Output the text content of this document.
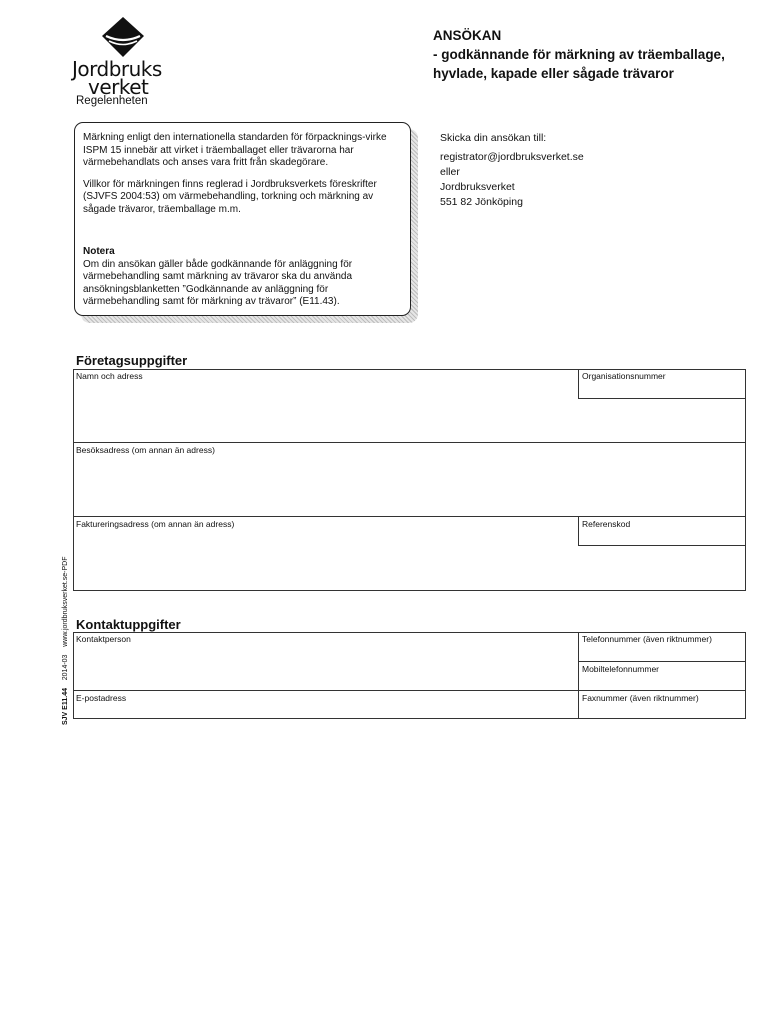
Jordbruks
verket
Regelenheten
ANSÖKAN
- godkännande för märkning av träemballage,
hyvlade, kapade eller sågade trävaror

Märkning enligt den internationella standarden för förpacknings-virke ISPM 15 innebär att virket i träemballaget eller trävarorna har värmebehandlats och anses vara fritt från skadegörare.

Villkor för märkningen finns reglerad i Jordbruksverkets föreskrifter (SJVFS 2004:53) om värmebehandling, torkning och märkning av sågade trävaror, träemballage m.m.

Notera
Om din ansökan gäller både godkännande för anläggning för värmebehandling samt märkning av trävaror ska du använda ansökningsblanketten ”Godkännande av anläggning för värmebehandling samt för märkning av trävaror” (E11.43).
Skicka din ansökan till:
registrator@jordbruksverket.se
eller
Jordbruksverket
551 82 Jönköping
Företagsuppgifter
Namn och adress	Organisationsnummer
Besöksadress (om annan än adress)
Faktureringsadress (om annan än adress)	Referenskod
Kontaktuppgifter
Kontaktperson	Telefonnummer (även riktnummer)
Mobiltelefonnummer
E-postadress	Faxnummer (även riktnummer)
SJV E11.44    2014-03    www.jordbruksverket.se-PDF
